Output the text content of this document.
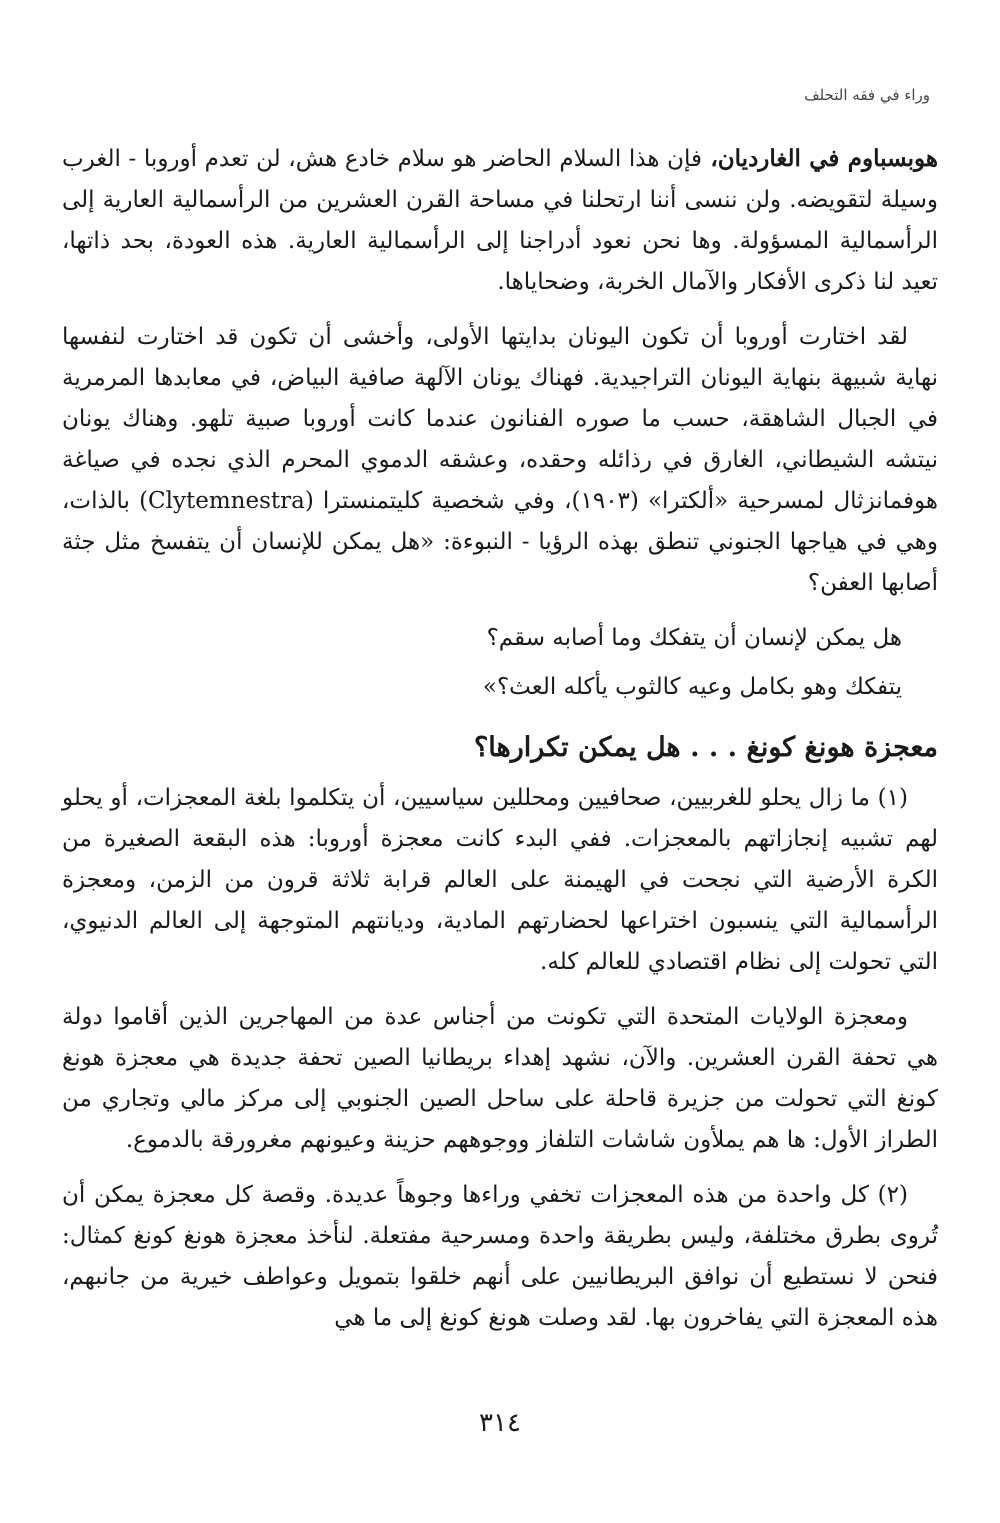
وراء في فقه التحلف

هوبسباوم في الغارديان، فإن هذا السلام الحاضر هو سلام خادع هش، لن تعدم أوروبا - الغرب وسيلة لتقويضه. ولن ننسى أننا ارتحلنا في مساحة القرن العشرين من الرأسمالية العارية إلى الرأسمالية المسؤولة. وها نحن نعود أدراجنا إلى الرأسمالية العارية. هذه العودة، بحد ذاتها، تعيد لنا ذكرى الأفكار والآمال الخربة، وضحاياها.

لقد اختارت أوروبا أن تكون اليونان بدايتها الأولى، وأخشى أن تكون قد اختارت لنفسها نهاية شبيهة بنهاية اليونان التراجيدية. فهناك يونان الآلهة صافية البياض، في معابدها المرمرية في الجبال الشاهقة، حسب ما صوره الفنانون عندما كانت أوروبا صبية تلهو. وهناك يونان نيتشه الشيطاني، الغارق في رذائله وحقده، وعشقه الدموي المحرم الذي نجده في صياغة هوفمانزثال لمسرحية «ألكترا» (١٩٠٣)، وفي شخصية كليتمنسترا (Clytemnestra) بالذات، وهي في هياجها الجنوني تنطق بهذه الرؤيا - النبوءة: «هل يمكن للإنسان أن يتفسخ مثل جثة أصابها العفن؟

هل يمكن لإنسان أن يتفكك وما أصابه سقم؟

يتفكك وهو بكامل وعيه كالثوب يأكله العث؟»

معجزة هونغ كونغ . . . هل يمكن تكرارها؟

(١) ما زال يحلو للغربيين، صحافيين ومحللين سياسيين، أن يتكلموا بلغة المعجزات، أو يحلو لهم تشبيه إنجازاتهم بالمعجزات. ففي البدء كانت معجزة أوروبا: هذه البقعة الصغيرة من الكرة الأرضية التي نجحت في الهيمنة على العالم قرابة ثلاثة قرون من الزمن، ومعجزة الرأسمالية التي ينسبون اختراعها لحضارتهم المادية، وديانتهم المتوجهة إلى العالم الدنيوي، التي تحولت إلى نظام اقتصادي للعالم كله.

ومعجزة الولايات المتحدة التي تكونت من أجناس عدة من المهاجرين الذين أقاموا دولة هي تحفة القرن العشرين. والآن، نشهد إهداء بريطانيا الصين تحفة جديدة هي معجزة هونغ كونغ التي تحولت من جزيرة قاحلة على ساحل الصين الجنوبي إلى مركز مالي وتجاري من الطراز الأول: ها هم يملأون شاشات التلفاز ووجوههم حزينة وعيونهم مغرورقة بالدموع.

(٢) كل واحدة من هذه المعجزات تخفي وراءها وجوهاً عديدة. وقصة كل معجزة يمكن أن تُروى بطرق مختلفة، وليس بطريقة واحدة ومسرحية مفتعلة. لنأخذ معجزة هونغ كونغ كمثال: فنحن لا نستطيع أن نوافق البريطانيين على أنهم خلقوا بتمويل وعواطف خيرية من جانبهم، هذه المعجزة التي يفاخرون بها. لقد وصلت هونغ كونغ إلى ما هي

٣١٤
